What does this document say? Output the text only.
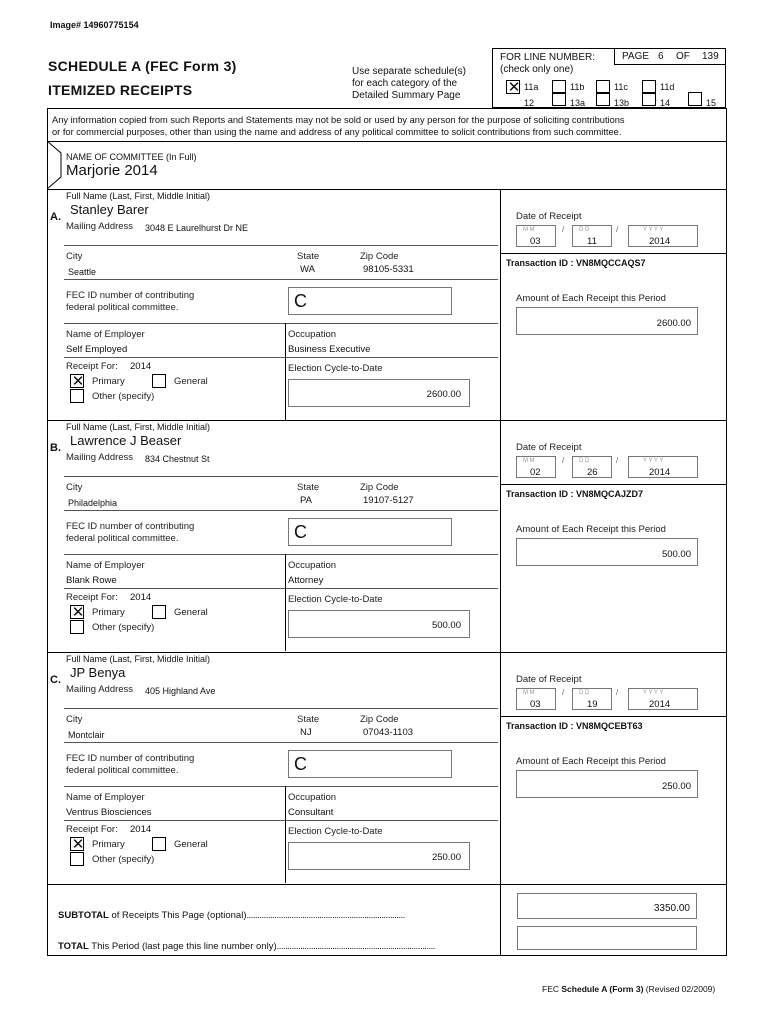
Image# 14960775154
SCHEDULE A (FEC Form 3)
ITEMIZED RECEIPTS
Use separate schedule(s)
for each category of the
Detailed Summary Page
FOR LINE NUMBER:
(check only one)
PAGE 6 OF 139
✕ 11a	11b	11c	11d
12	13a	13b	14	15
Any information copied from such Reports and Statements may not be sold or used by any person for the purpose of soliciting contributions
or for commercial purposes, other than using the name and address of any political committee to solicit contributions from such committee.
NAME OF COMMITTEE (In Full)
Marjorie 2014
Full Name (Last, First, Middle Initial)
Stanley Barer
A.
Mailing Address 3048 E Laurelhurst Dr NE
City	State	Zip Code
Seattle	WA	98105-5331
FEC ID number of contributing
federal political committee.	C
Name of Employer	Occupation
Self Employed	Business Executive
Receipt For: 2014
✕ Primary	General
Other (specify)
Election Cycle-to-Date
2600.00
Date of Receipt
M M
03
/ D D
11
/	Y Y Y Y
2014
Transaction ID : VN8MQCCAQS7
Amount of Each Receipt this Period
2600.00
Full Name (Last, First, Middle Initial)
Lawrence J Beaser
B.
Mailing Address 834 Chestnut St
City	State	Zip Code
Philadelphia	PA	19107-5127
FEC ID number of contributing
federal political committee.	C
Name of Employer	Occupation
Blank Rowe	Attorney
Receipt For: 2014
✕ Primary	General
Other (specify)
Election Cycle-to-Date
500.00
Date of Receipt
M M
02
/ D D
26
/	Y Y Y Y
2014
Transaction ID : VN8MQCAJZD7
Amount of Each Receipt this Period
500.00
Full Name (Last, First, Middle Initial)
JP Benya
C.
Mailing Address 405 Highland Ave
City	State	Zip Code
Montclair	NJ	07043-1103
FEC ID number of contributing
federal political committee.	C
Name of Employer	Occupation
Ventrus Biosciences	Consultant
Receipt For: 2014
✕ Primary	General
Other (specify)
Election Cycle-to-Date
250.00
Date of Receipt
M M
03
/ D D
19
/	Y Y Y Y
2014
Transaction ID : VN8MQCEBT63
Amount of Each Receipt this Period
250.00
SUBTOTAL of Receipts This Page (optional)..........................................................................
TOTAL This Period (last page this line number only)..........................................................................
3350.00
FEC Schedule A (Form 3) (Revised 02/2009)
